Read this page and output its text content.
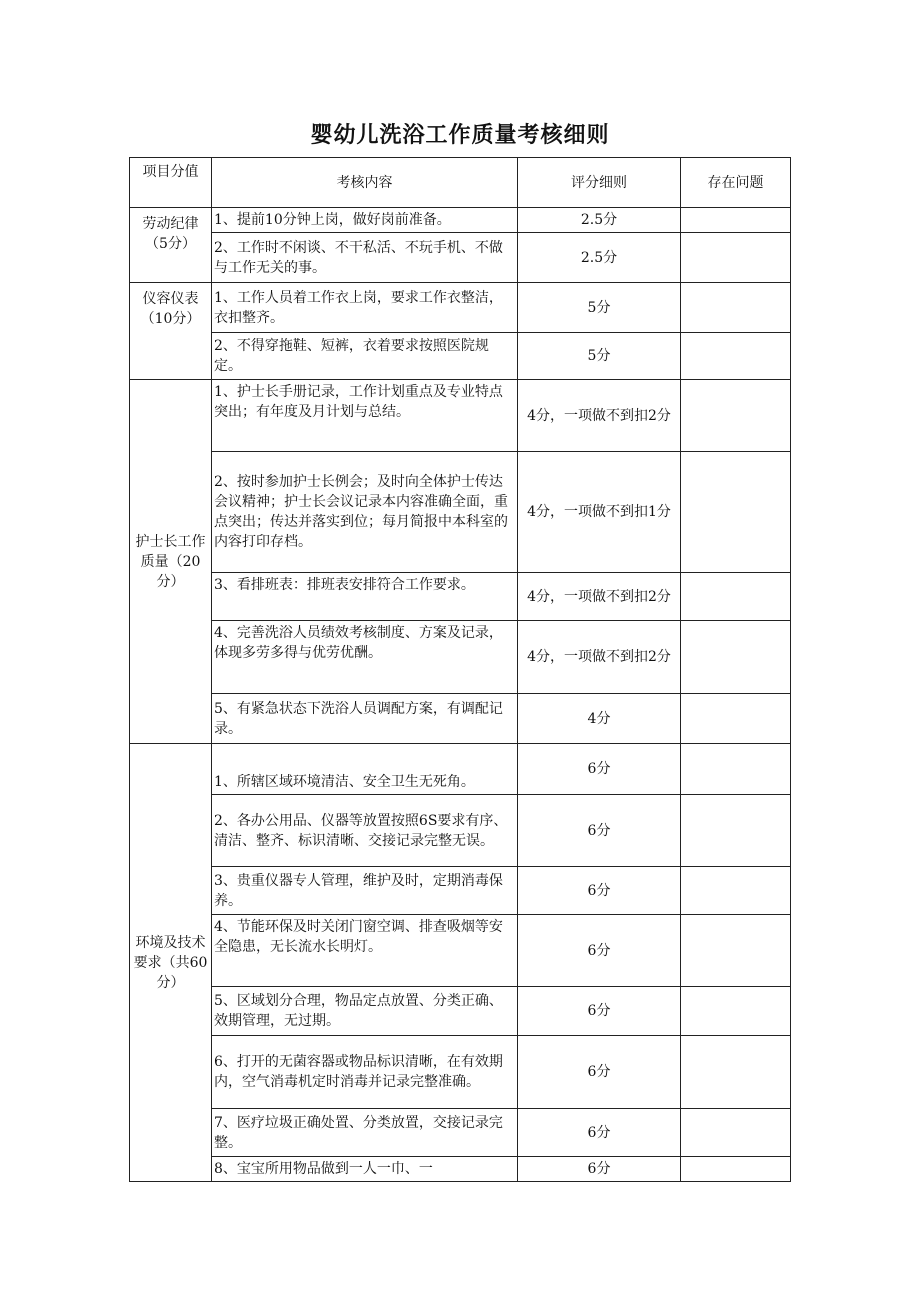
婴幼儿洗浴工作质量考核细则
项目分值	考核内容	评分细则	存在问题
劳动纪律（5分）	1、提前10分钟上岗，做好岗前准备。	2.5分	
	2、工作时不闲谈、不干私活、不玩手机、不做与工作无关的事。	2.5分	
仪容仪表（10分）	1、工作人员着工作衣上岗，要求工作衣整洁，衣扣整齐。	5分	
	2、不得穿拖鞋、短裤，衣着要求按照医院规定。	5分	
护士长工作质量（20分）	1、护士长手册记录，工作计划重点及专业特点突出；有年度及月计划与总结。	4分，一项做不到扣2分	
	2、按时参加护士长例会；及时向全体护士传达会议精神；护士长会议记录本内容准确全面，重点突出；传达并落实到位；每月简报中本科室的内容打印存档。	4分，一项做不到扣1分	
	3、看排班表：排班表安排符合工作要求。	4分，一项做不到扣2分	
	4、完善洗浴人员绩效考核制度、方案及记录，体现多劳多得与优劳优酬。	4分，一项做不到扣2分	
	5、有紧急状态下洗浴人员调配方案，有调配记录。	4分	
环境及技术要求（共60分）	1、所辖区域环境清洁、安全卫生无死角。	6分	
	2、各办公用品、仪器等放置按照6S要求有序、清洁、整齐、标识清晰、交接记录完整无误。	6分	
	3、贵重仪器专人管理，维护及时，定期消毒保养。	6分	
	4、节能环保及时关闭门窗空调、排查吸烟等安全隐患，无长流水长明灯。	6分	
	5、区域划分合理，物品定点放置、分类正确、效期管理，无过期。	6分	
	6、打开的无菌容器或物品标识清晰，在有效期内，空气消毒机定时消毒并记录完整准确。	6分	
	7、医疗垃圾正确处置、分类放置，交接记录完整。	6分	
	8、宝宝所用物品做到一人一巾、一	6分	
